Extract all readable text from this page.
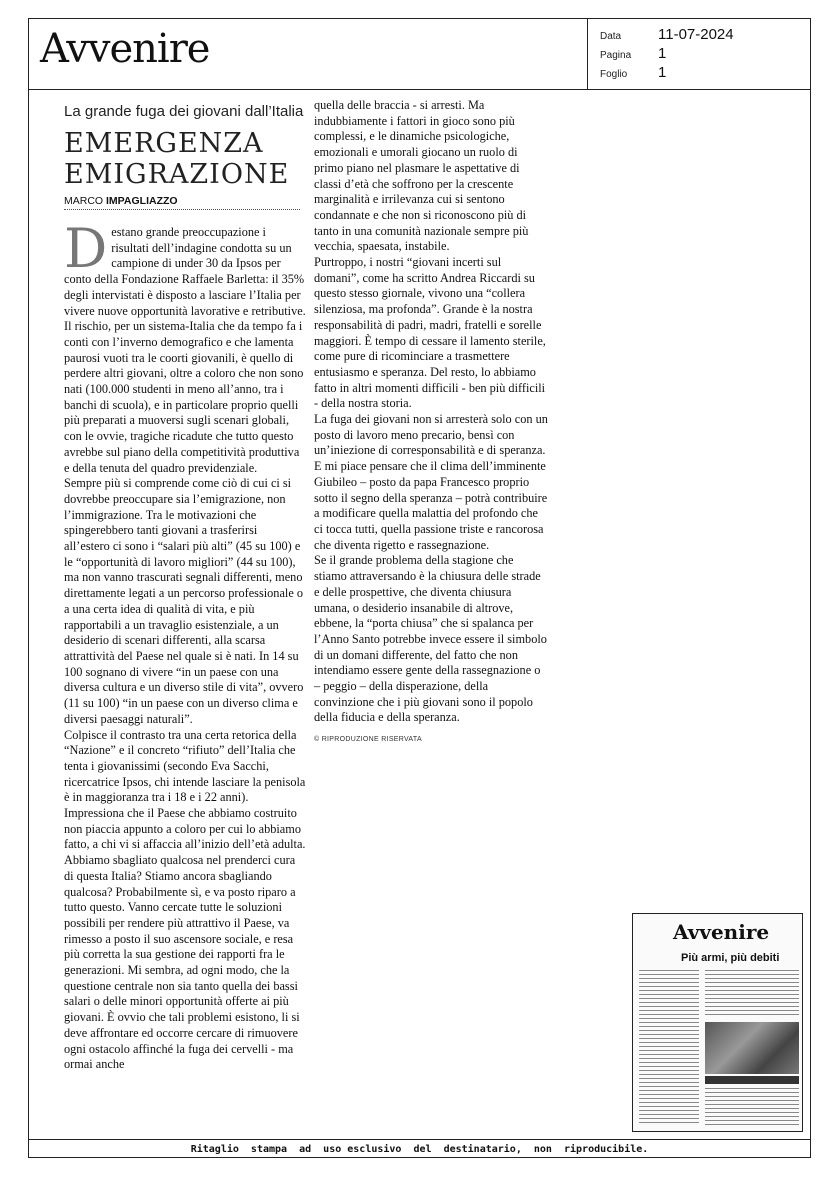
Avvenire	Data	11-07-2024
Pagina	1
Foglio	1
La grande fuga dei giovani dall’Italia
EMERGENZA
EMIGRAZIONE
MARCO IMPAGLIAZZO

Destano grande preoccupazione i risultati dell’indagine condotta su un campione di under 30 da Ipsos per conto della Fondazione Raffaele Barletta: il 35% degli intervistati è disposto a lasciare l’Italia per vivere nuove opportunità lavorative e retributive.

Il rischio, per un sistema-Italia che da tempo fa i conti con l’inverno demografico e che lamenta paurosi vuoti tra le coorti giovanili, è quello di perdere altri giovani, oltre a coloro che non sono nati (100.000 studenti in meno all’anno, tra i banchi di scuola), e in particolare proprio quelli più preparati a muoversi sugli scenari globali, con le ovvie, tragiche ricadute che tutto questo avrebbe sul piano della competitività produttiva e della tenuta del quadro previdenziale.

Sempre più si comprende come ciò di cui ci si dovrebbe preoccupare sia l’emigrazione, non l’immigrazione. Tra le motivazioni che spingerebbero tanti giovani a trasferirsi all’estero ci sono i “salari più alti” (45 su 100) e le “opportunità di lavoro migliori” (44 su 100), ma non vanno trascurati segnali differenti, meno direttamente legati a un percorso professionale o a una certa idea di qualità di vita, e più rapportabili a un travaglio esistenziale, a un desiderio di scenari differenti, alla scarsa attrattività del Paese nel quale si è nati. In 14 su 100 sognano di vivere “in un paese con una diversa cultura e un diverso stile di vita”, ovvero (11 su 100) “in un paese con un diverso clima e diversi paesaggi naturali”.

Colpisce il contrasto tra una certa retorica della “Nazione” e il concreto “rifiuto” dell’Italia che tenta i giovanissimi (secondo Eva Sacchi, ricercatrice Ipsos, chi intende lasciare la penisola è in maggioranza tra i 18 e i 22 anni). Impressiona che il Paese che abbiamo costruito non piaccia appunto a coloro per cui lo abbiamo fatto, a chi vi si affaccia all’inizio dell’età adulta. Abbiamo sbagliato qualcosa nel prenderci cura di questa Italia? Stiamo ancora sbagliando qualcosa? Probabilmente sì, e va posto riparo a tutto questo. Vanno cercate tutte le soluzioni possibili per rendere più attrattivo il Paese, va rimesso a posto il suo ascensore sociale, e resa più corretta la sua gestione dei rapporti fra le generazioni. Mi sembra, ad ogni modo, che la questione centrale non sia tanto quella dei bassi salari o delle minori opportunità offerte ai più giovani. È ovvio che tali problemi esistono, li si deve affrontare ed occorre cercare di rimuovere ogni ostacolo affinché la fuga dei cervelli - ma ormai anche

quella delle braccia - si arresti. Ma indubbiamente i fattori in gioco sono più complessi, e le dinamiche psicologiche, emozionali e umorali giocano un ruolo di primo piano nel plasmare le aspettative di classi d’età che soffrono per la crescente marginalità e irrilevanza cui si sentono condannate e che non si riconoscono più di tanto in una comunità nazionale sempre più vecchia, spaesata, instabile.

Purtroppo, i nostri “giovani incerti sul domani”, come ha scritto Andrea Riccardi su questo stesso giornale, vivono una “collera silenziosa, ma profonda”. Grande è la nostra responsabilità di padri, madri, fratelli e sorelle maggiori. È tempo di cessare il lamento sterile, come pure di ricominciare a trasmettere entusiasmo e speranza. Del resto, lo abbiamo fatto in altri momenti difficili - ben più difficili - della nostra storia.

La fuga dei giovani non si arresterà solo con un posto di lavoro meno precario, bensì con un’iniezione di corresponsabilità e di speranza. E mi piace pensare che il clima dell’imminente Giubileo – posto da papa Francesco proprio sotto il segno della speranza – potrà contribuire a modificare quella malattia del profondo che ci tocca tutti, quella passione triste e rancorosa che diventa rigetto e rassegnazione.

Se il grande problema della stagione che stiamo attraversando è la chiusura delle strade e delle prospettive, che diventa chiusura umana, o desiderio insanabile di altrove, ebbene, la “porta chiusa” che si spalanca per l’Anno Santo potrebbe invece essere il simbolo di un domani differente, del fatto che non intendiamo essere gente della rassegnazione o – peggio – della disperazione, della convinzione che i più giovani sono il popolo della fiducia e della speranza.

© RIPRODUZIONE RISERVATA
Avvenire
Più armi, più debiti
Ritaglio  stampa  ad  uso esclusivo  del  destinatario,  non  riproducibile.
